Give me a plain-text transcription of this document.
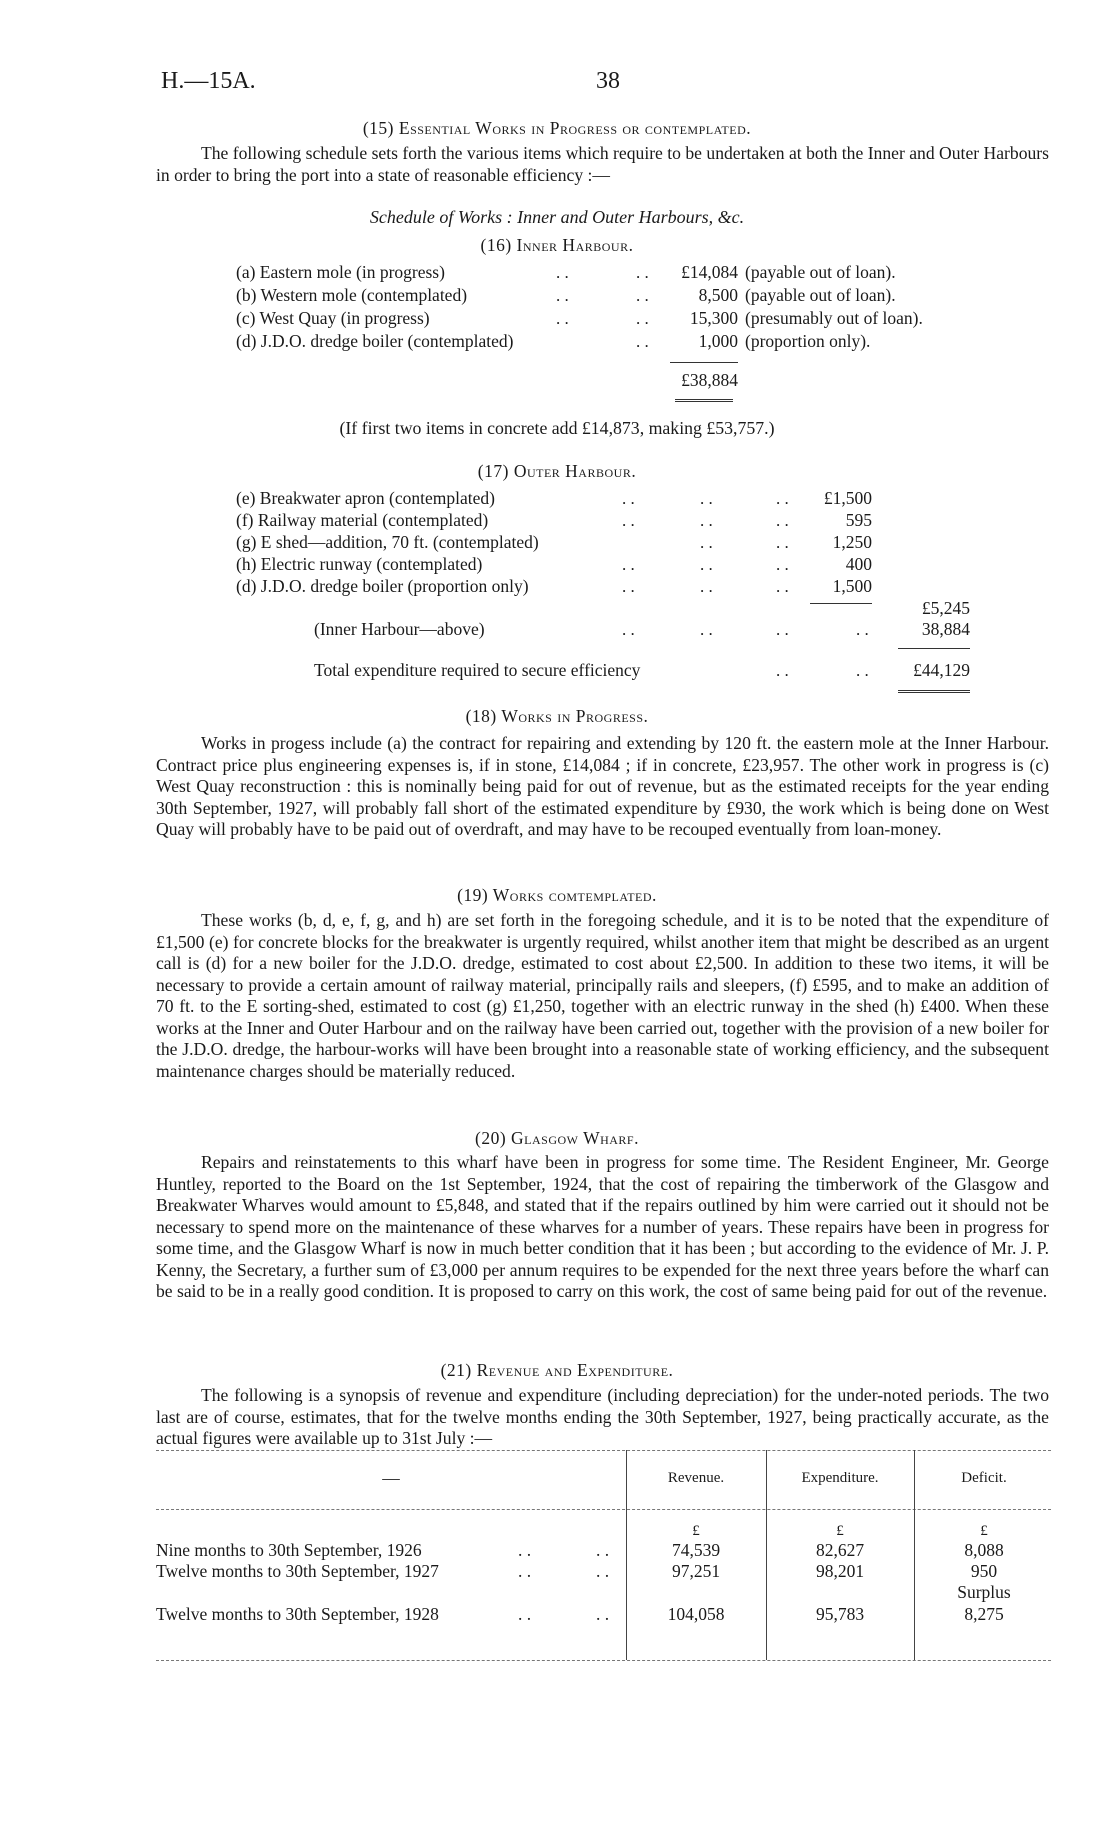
H.—15A.	38
(15) Essential Works in Progress or contemplated.

The following schedule sets forth the various items which require to be undertaken at both the Inner and Outer Harbours in order to bring the port into a state of reasonable efficiency :—

Schedule of Works : Inner and Outer Harbours, &c.
(16) Inner Harbour.
(a) Eastern mole (in progress)	. .	. .	£14,084 (payable out of loan).
(b) Western mole (contemplated)	. .	. .	8,500 (payable out of loan).
(c) West Quay (in progress)	. .	. .	15,300 (presumably out of loan).
(d) J.D.O. dredge boiler (contemplated)	. .	1,000 (proportion only).
£38,884
(If first two items in concrete add £14,873, making £53,757.)
(17) Outer Harbour.
(e) Breakwater apron (contemplated)	. .	. .	. .	£1,500
(f) Railway material (contemplated)	. .	. .	. .	595
(g) E shed—addition, 70 ft. (contemplated)	. .	. .	1,250
(h) Electric runway (contemplated)	. .	. .	. .	400
(d) J.D.O. dredge boiler (proportion only)	. .	. .	. .	1,500
£5,245
(Inner Harbour—above)	. .	. .	. .	. .	38,884
Total expenditure required to secure efficiency	. .	. .	£44,129
(18) Works in Progress.

Works in progess include (a) the contract for repairing and extending by 120 ft. the eastern mole at the Inner Harbour. Contract price plus engineering expenses is, if in stone, £14,084 ; if in concrete, £23,957. The other work in progress is (c) West Quay reconstruction : this is nominally being paid for out of revenue, but as the estimated receipts for the year ending 30th September, 1927, will probably fall short of the estimated expenditure by £930, the work which is being done on West Quay will probably have to be paid out of overdraft, and may have to be recouped eventually from loan-money.

(19) Works comtemplated.

These works (b, d, e, f, g, and h) are set forth in the foregoing schedule, and it is to be noted that the expenditure of £1,500 (e) for concrete blocks for the breakwater is urgently required, whilst another item that might be described as an urgent call is (d) for a new boiler for the J.D.O. dredge, estimated to cost about £2,500. In addition to these two items, it will be necessary to provide a certain amount of railway material, principally rails and sleepers, (f) £595, and to make an addition of 70 ft. to the E sorting-shed, estimated to cost (g) £1,250, together with an electric runway in the shed (h) £400. When these works at the Inner and Outer Harbour and on the railway have been carried out, together with the provision of a new boiler for the J.D.O. dredge, the harbour-works will have been brought into a reasonable state of working efficiency, and the subsequent maintenance charges should be materially reduced.

(20) Glasgow Wharf.

Repairs and reinstatements to this wharf have been in progress for some time. The Resident Engineer, Mr. George Huntley, reported to the Board on the 1st September, 1924, that the cost of repairing the timberwork of the Glasgow and Breakwater Wharves would amount to £5,848, and stated that if the repairs outlined by him were carried out it should not be necessary to spend more on the maintenance of these wharves for a number of years. These repairs have been in progress for some time, and the Glasgow Wharf is now in much better condition that it has been ; but according to the evidence of Mr. J. P. Kenny, the Secretary, a further sum of £3,000 per annum requires to be expended for the next three years before the wharf can be said to be in a really good condition. It is proposed to carry on this work, the cost of same being paid for out of the revenue.

(21) Revenue and Expenditure.

The following is a synopsis of revenue and expenditure (including depreciation) for the under-noted periods. The two last are of course, estimates, that for the twelve months ending the 30th September, 1927, being practically accurate, as the actual figures were available up to 31st July :—

—	Revenue.	Expenditure.	Deficit.
£	£	£
Nine months to 30th September, 1926	. .	. .	74,539	82,627	8,088
Twelve months to 30th September, 1927	. .	. .	97,251	98,201	950
Surplus
Twelve months to 30th September, 1928	. .	. .	104,058	95,783	8,275
